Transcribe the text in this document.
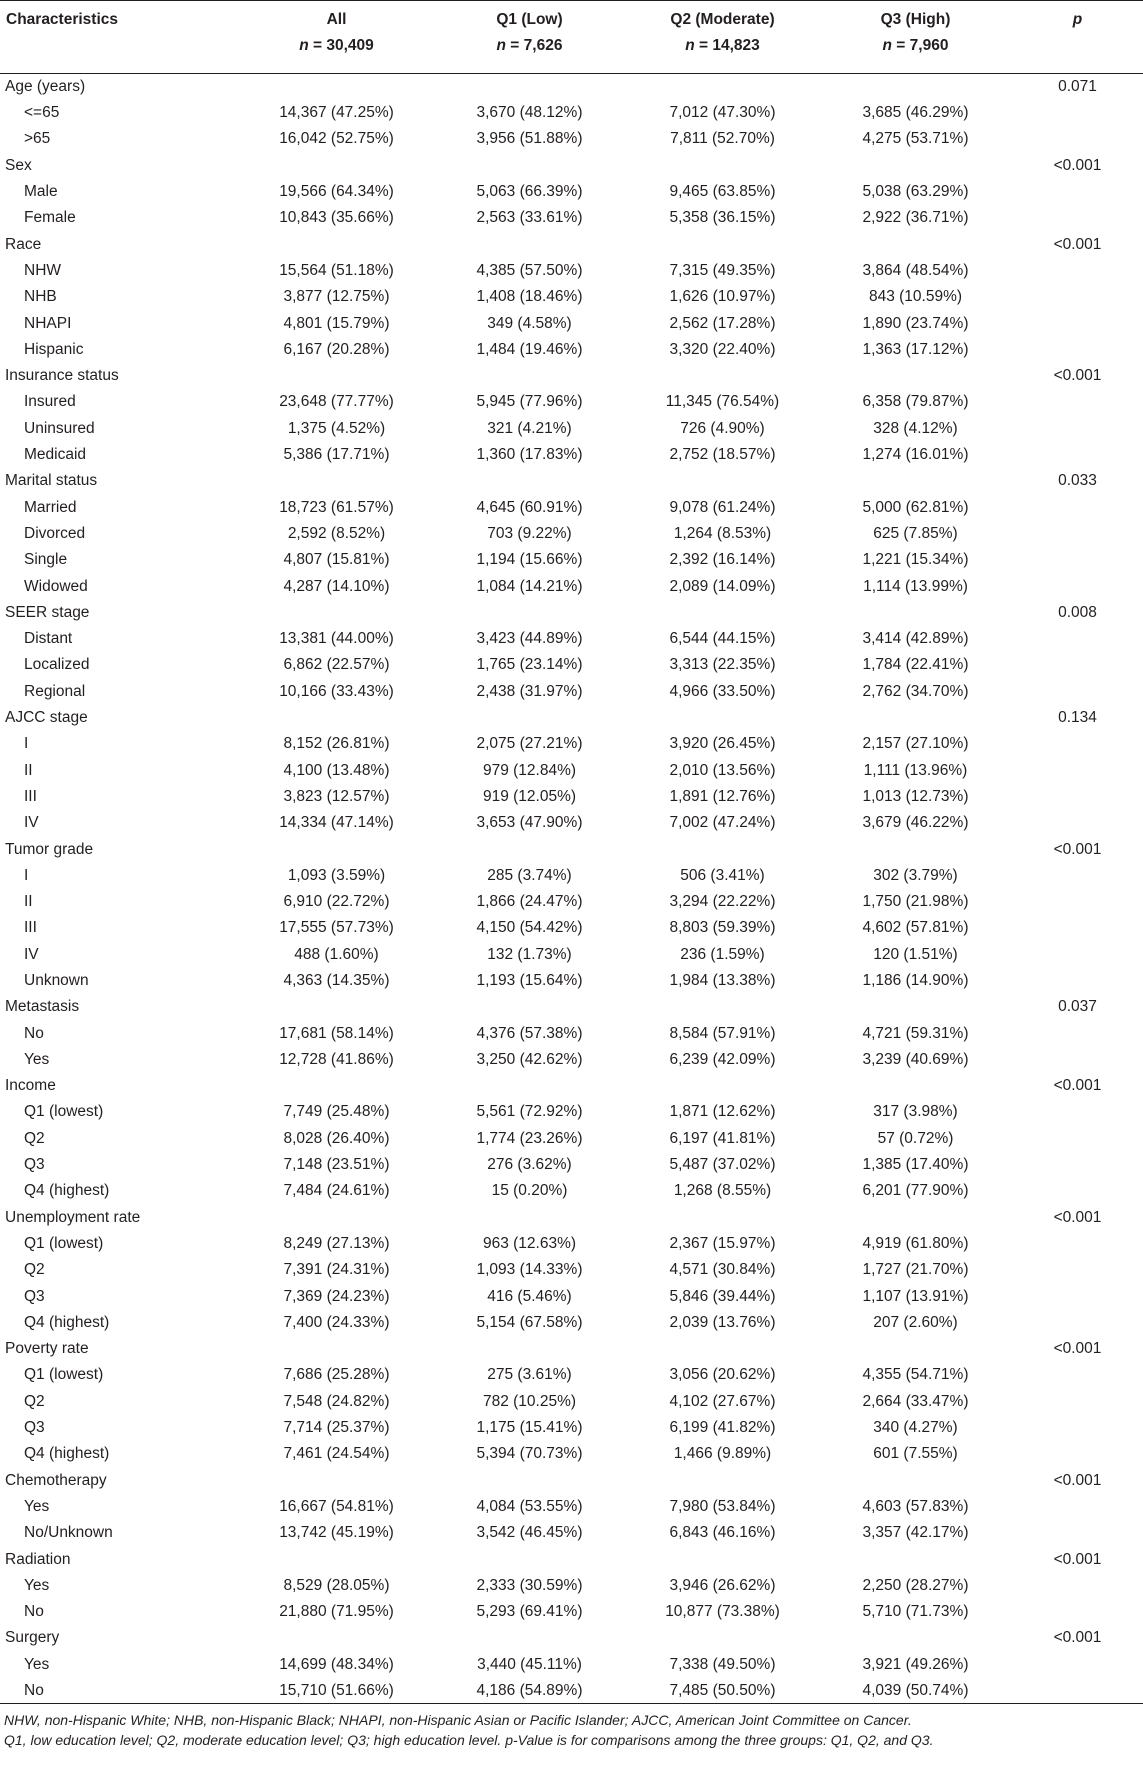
Characteristics	All	Q1 (Low)	Q2 (Moderate)	Q3 (High)	p
	n = 30,409	n = 7,626	n = 14,823	n = 7,960	
Age (years)					0.071
<=65	14,367 (47.25%)	3,670 (48.12%)	7,012 (47.30%)	3,685 (46.29%)	
>65	16,042 (52.75%)	3,956 (51.88%)	7,811 (52.70%)	4,275 (53.71%)	
Sex					<0.001
Male	19,566 (64.34%)	5,063 (66.39%)	9,465 (63.85%)	5,038 (63.29%)	
Female	10,843 (35.66%)	2,563 (33.61%)	5,358 (36.15%)	2,922 (36.71%)	
Race					<0.001
NHW	15,564 (51.18%)	4,385 (57.50%)	7,315 (49.35%)	3,864 (48.54%)	
NHB	3,877 (12.75%)	1,408 (18.46%)	1,626 (10.97%)	843 (10.59%)	
NHAPI	4,801 (15.79%)	349 (4.58%)	2,562 (17.28%)	1,890 (23.74%)	
Hispanic	6,167 (20.28%)	1,484 (19.46%)	3,320 (22.40%)	1,363 (17.12%)	
Insurance status					<0.001
Insured	23,648 (77.77%)	5,945 (77.96%)	11,345 (76.54%)	6,358 (79.87%)	
Uninsured	1,375 (4.52%)	321 (4.21%)	726 (4.90%)	328 (4.12%)	
Medicaid	5,386 (17.71%)	1,360 (17.83%)	2,752 (18.57%)	1,274 (16.01%)	
Marital status					0.033
Married	18,723 (61.57%)	4,645 (60.91%)	9,078 (61.24%)	5,000 (62.81%)	
Divorced	2,592 (8.52%)	703 (9.22%)	1,264 (8.53%)	625 (7.85%)	
Single	4,807 (15.81%)	1,194 (15.66%)	2,392 (16.14%)	1,221 (15.34%)	
Widowed	4,287 (14.10%)	1,084 (14.21%)	2,089 (14.09%)	1,114 (13.99%)	
SEER stage					0.008
Distant	13,381 (44.00%)	3,423 (44.89%)	6,544 (44.15%)	3,414 (42.89%)	
Localized	6,862 (22.57%)	1,765 (23.14%)	3,313 (22.35%)	1,784 (22.41%)	
Regional	10,166 (33.43%)	2,438 (31.97%)	4,966 (33.50%)	2,762 (34.70%)	
AJCC stage					0.134
I	8,152 (26.81%)	2,075 (27.21%)	3,920 (26.45%)	2,157 (27.10%)	
II	4,100 (13.48%)	979 (12.84%)	2,010 (13.56%)	1,111 (13.96%)	
III	3,823 (12.57%)	919 (12.05%)	1,891 (12.76%)	1,013 (12.73%)	
IV	14,334 (47.14%)	3,653 (47.90%)	7,002 (47.24%)	3,679 (46.22%)	
Tumor grade					<0.001
I	1,093 (3.59%)	285 (3.74%)	506 (3.41%)	302 (3.79%)	
II	6,910 (22.72%)	1,866 (24.47%)	3,294 (22.22%)	1,750 (21.98%)	
III	17,555 (57.73%)	4,150 (54.42%)	8,803 (59.39%)	4,602 (57.81%)	
IV	488 (1.60%)	132 (1.73%)	236 (1.59%)	120 (1.51%)	
Unknown	4,363 (14.35%)	1,193 (15.64%)	1,984 (13.38%)	1,186 (14.90%)	
Metastasis					0.037
No	17,681 (58.14%)	4,376 (57.38%)	8,584 (57.91%)	4,721 (59.31%)	
Yes	12,728 (41.86%)	3,250 (42.62%)	6,239 (42.09%)	3,239 (40.69%)	
Income					<0.001
Q1 (lowest)	7,749 (25.48%)	5,561 (72.92%)	1,871 (12.62%)	317 (3.98%)	
Q2	8,028 (26.40%)	1,774 (23.26%)	6,197 (41.81%)	57 (0.72%)	
Q3	7,148 (23.51%)	276 (3.62%)	5,487 (37.02%)	1,385 (17.40%)	
Q4 (highest)	7,484 (24.61%)	15 (0.20%)	1,268 (8.55%)	6,201 (77.90%)	
Unemployment rate					<0.001
Q1 (lowest)	8,249 (27.13%)	963 (12.63%)	2,367 (15.97%)	4,919 (61.80%)	
Q2	7,391 (24.31%)	1,093 (14.33%)	4,571 (30.84%)	1,727 (21.70%)	
Q3	7,369 (24.23%)	416 (5.46%)	5,846 (39.44%)	1,107 (13.91%)	
Q4 (highest)	7,400 (24.33%)	5,154 (67.58%)	2,039 (13.76%)	207 (2.60%)	
Poverty rate					<0.001
Q1 (lowest)	7,686 (25.28%)	275 (3.61%)	3,056 (20.62%)	4,355 (54.71%)	
Q2	7,548 (24.82%)	782 (10.25%)	4,102 (27.67%)	2,664 (33.47%)	
Q3	7,714 (25.37%)	1,175 (15.41%)	6,199 (41.82%)	340 (4.27%)	
Q4 (highest)	7,461 (24.54%)	5,394 (70.73%)	1,466 (9.89%)	601 (7.55%)	
Chemotherapy					<0.001
Yes	16,667 (54.81%)	4,084 (53.55%)	7,980 (53.84%)	4,603 (57.83%)	
No/Unknown	13,742 (45.19%)	3,542 (46.45%)	6,843 (46.16%)	3,357 (42.17%)	
Radiation					<0.001
Yes	8,529 (28.05%)	2,333 (30.59%)	3,946 (26.62%)	2,250 (28.27%)	
No	21,880 (71.95%)	5,293 (69.41%)	10,877 (73.38%)	5,710 (71.73%)	
Surgery					<0.001
Yes	14,699 (48.34%)	3,440 (45.11%)	7,338 (49.50%)	3,921 (49.26%)	
No	15,710 (51.66%)	4,186 (54.89%)	7,485 (50.50%)	4,039 (50.74%)	
NHW, non-Hispanic White; NHB, non-Hispanic Black; NHAPI, non-Hispanic Asian or Pacific Islander; AJCC, American Joint Committee on Cancer.
Q1, low education level; Q2, moderate education level; Q3; high education level. p-Value is for comparisons among the three groups: Q1, Q2, and Q3.
